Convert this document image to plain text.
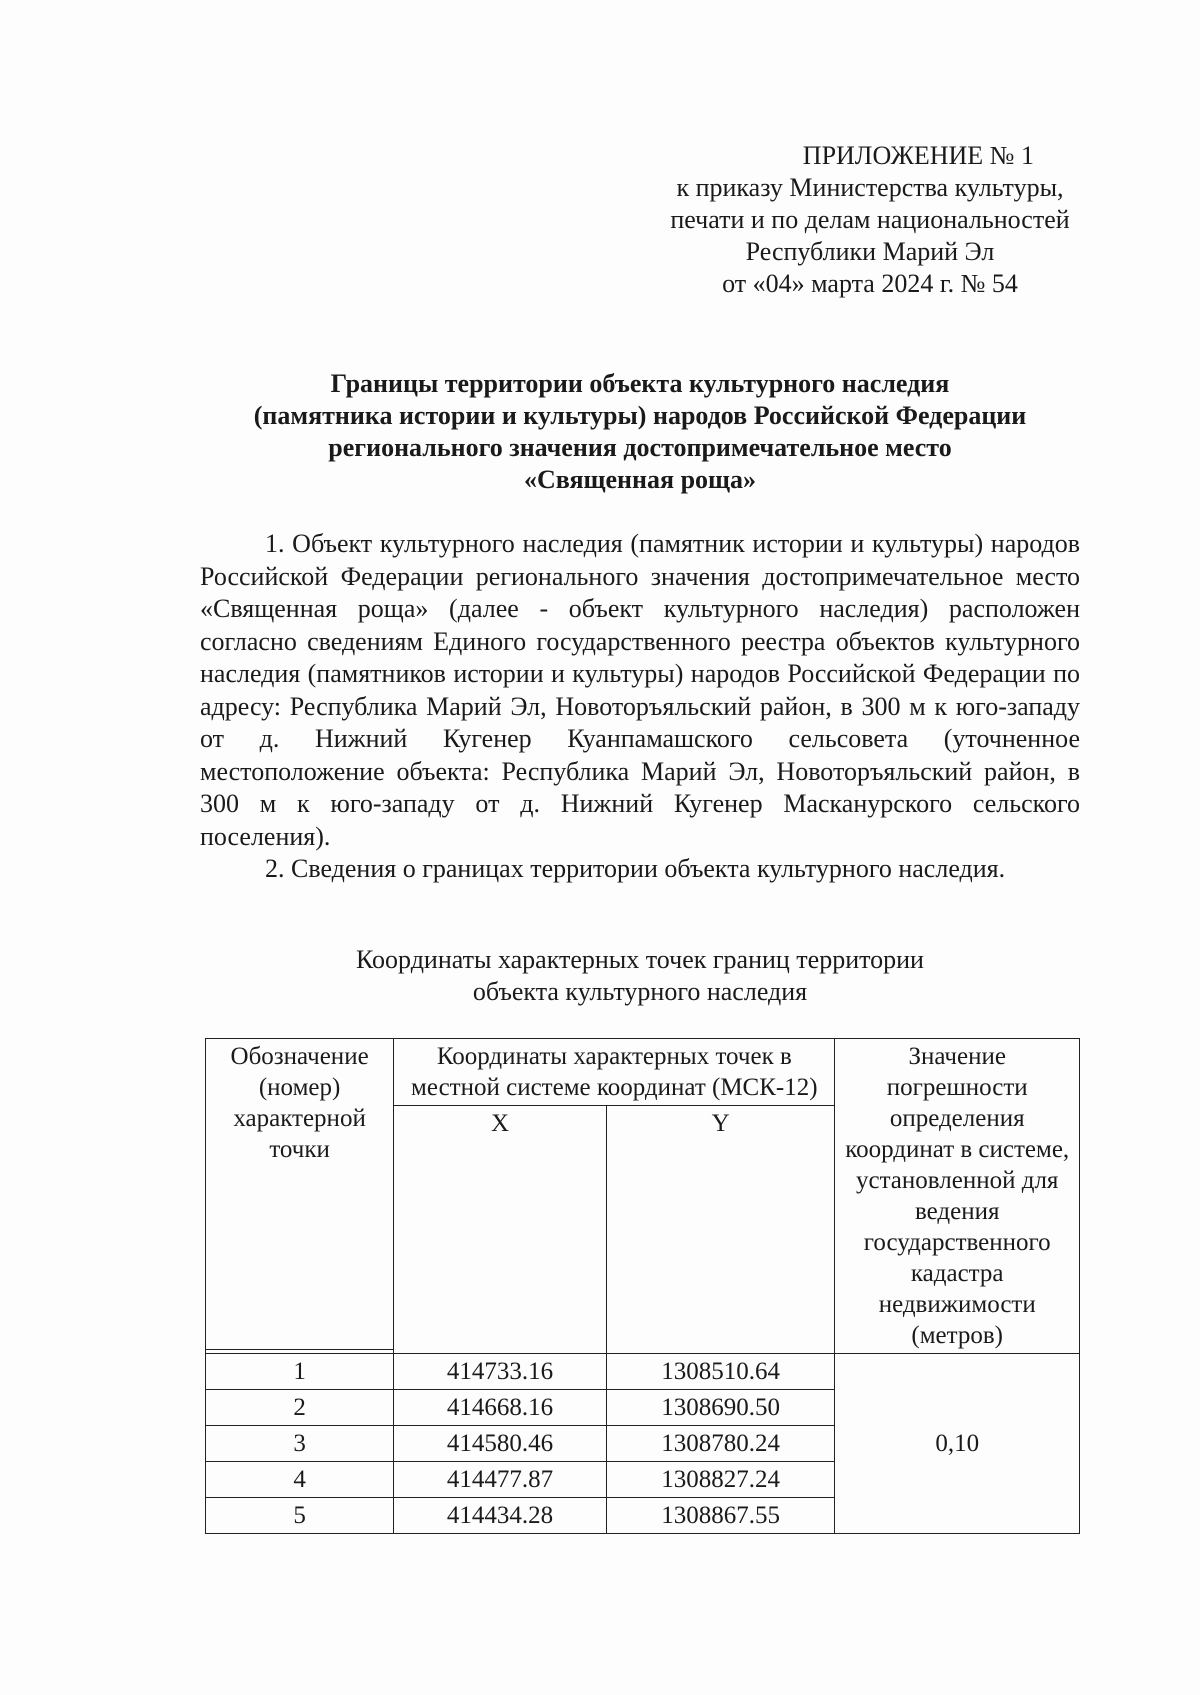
ПРИЛОЖЕНИЕ № 1
к приказу Министерства культуры,
печати и по делам национальностей
Республики Марий Эл
от «04» марта 2024 г. № 54
Границы территории объекта культурного наследия
(памятника истории и культуры) народов Российской Федерации
регионального значения достопримечательное место
«Священная роща»

1. Объект культурного наследия (памятник истории и культуры) народов Российской Федерации регионального значения достопримечательное место «Священная роща» (далее - объект культурного наследия) расположен согласно сведениям Единого государственного реестра объектов культурного наследия (памятников истории и культуры) народов Российской Федерации по адресу: Республика Марий Эл, Новоторъяльский район, в 300 м к юго-западу от д. Нижний Кугенер Куанпамашского сельсовета (уточненное местоположение объекта: Республика Марий Эл, Новоторъяльский район, в 300 м к юго-западу от д. Нижний Кугенер Масканурского сельского поселения).

2. Сведения о границах территории объекта культурного наследия.

Координаты характерных точек границ территории
объекта культурного наследия
Обозначение (номер) характерной точки	Координаты характерных точек в местной системе координат (МСК-12)		Значение погрешности определения координат в системе, установленной для ведения государственного кадастра недвижимости (метров)
	X	Y	

1	414733.16	1308510.64	0,10
2	414668.16	1308690.50	
3	414580.46	1308780.24	
4	414477.87	1308827.24	
5	414434.28	1308867.55	
